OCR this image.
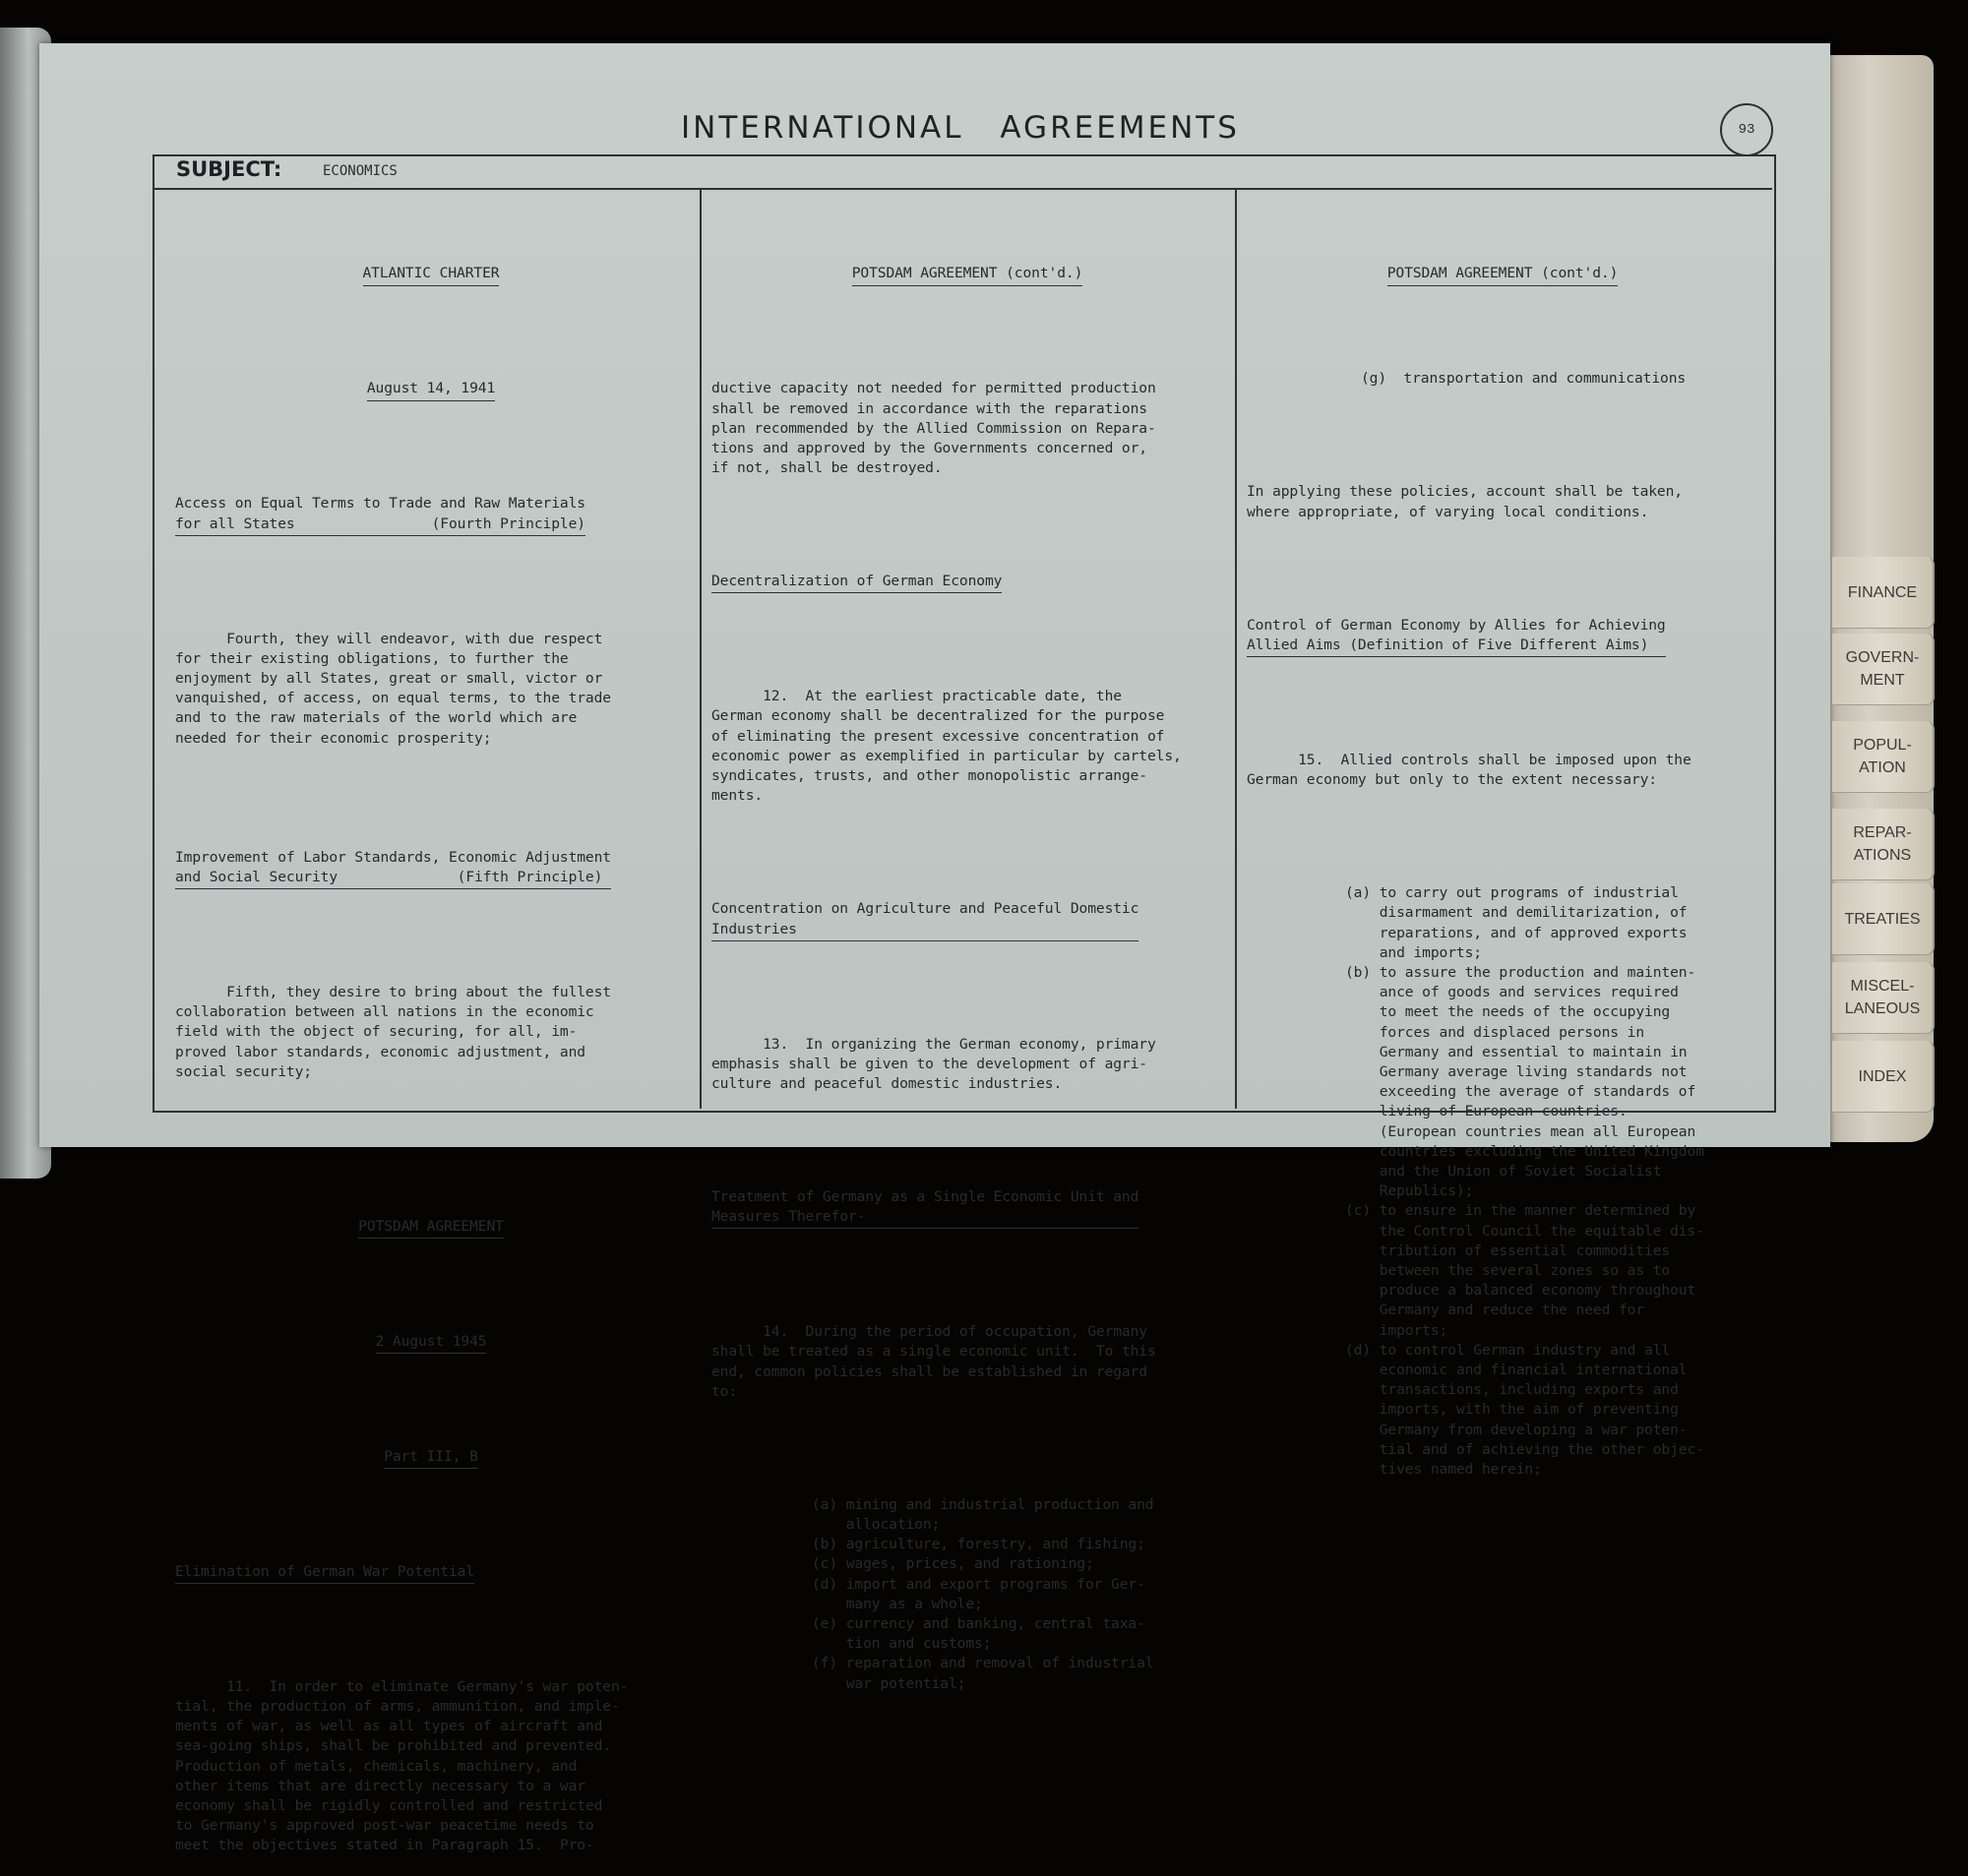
INTERNATIONAL AGREEMENTS	93
SUBJECT:	ECONOMICS

ATLANTIC CHARTER

August 14, 1941

Access on Equal Terms to Trade and Raw Materials
for all States                (Fourth Principle)

Fourth, they will endeavor, with due respect
for their existing obligations, to further the
enjoyment by all States, great or small, victor or
vanquished, of access, on equal terms, to the trade
and to the raw materials of the world which are
needed for their economic prosperity;

Improvement of Labor Standards, Economic Adjustment
and Social Security              (Fifth Principle)

Fifth, they desire to bring about the fullest
collaboration between all nations in the economic
field with the object of securing, for all, im-
proved labor standards, economic adjustment, and
social security;

POTSDAM AGREEMENT

2 August 1945

Part III, B

Elimination of German War Potential

11.  In order to eliminate Germany's war poten-
tial, the production of arms, ammunition, and imple-
ments of war, as well as all types of aircraft and
sea-going ships, shall be prohibited and prevented.
Production of metals, chemicals, machinery, and
other items that are directly necessary to a war
economy shall be rigidly controlled and restricted
to Germany's approved post-war peacetime needs to
meet the objectives stated in Paragraph 15.  Pro-

POTSDAM AGREEMENT (cont'd.)

ductive capacity not needed for permitted production
shall be removed in accordance with the reparations
plan recommended by the Allied Commission on Repara-
tions and approved by the Governments concerned or,
if not, shall be destroyed.

Decentralization of German Economy

12.  At the earliest practicable date, the
German economy shall be decentralized for the purpose
of eliminating the present excessive concentration of
economic power as exemplified in particular by cartels,
syndicates, trusts, and other monopolistic arrange-
ments.

Concentration on Agriculture and Peaceful Domestic
Industries

13.  In organizing the German economy, primary
emphasis shall be given to the development of agri-
culture and peaceful domestic industries.

Treatment of Germany as a Single Economic Unit and
Measures Therefor-

14.  During the period of occupation, Germany
shall be treated as a single economic unit.  To this
end, common policies shall be established in regard
to:

(a) mining and industrial production and
allocation;
(b) agriculture, forestry, and fishing;
(c) wages, prices, and rationing;
(d) import and export programs for Ger-
many as a whole;
(e) currency and banking, central taxa-
tion and customs;
(f) reparation and removal of industrial
war potential;

POTSDAM AGREEMENT (cont'd.)

(g)  transportation and communications

In applying these policies, account shall be taken,
where appropriate, of varying local conditions.

Control of German Economy by Allies for Achieving
Allied Aims (Definition of Five Different Aims)

15.  Allied controls shall be imposed upon the
German economy but only to the extent necessary:

(a) to carry out programs of industrial
disarmament and demilitarization, of
reparations, and of approved exports
and imports;
(b) to assure the production and mainten-
ance of goods and services required
to meet the needs of the occupying
forces and displaced persons in
Germany and essential to maintain in
Germany average living standards not
exceeding the average of standards of
living of European countries.
(European countries mean all European
countries excluding the United Kingdom
and the Union of Soviet Socialist
Republics);
(c) to ensure in the manner determined by
the Control Council the equitable dis-
tribution of essential commodities
between the several zones so as to
produce a balanced economy throughout
Germany and reduce the need for
imports;
(d) to control German industry and all
economic and financial international
transactions, including exports and
imports, with the aim of preventing
Germany from developing a war poten-
tial and of achieving the other objec-
tives named herein;

FINANCE
GOVERN-
MENT
POPUL-
ATION
REPAR-
ATIONS
TREATIES
MISCEL-
LANEOUS
INDEX
